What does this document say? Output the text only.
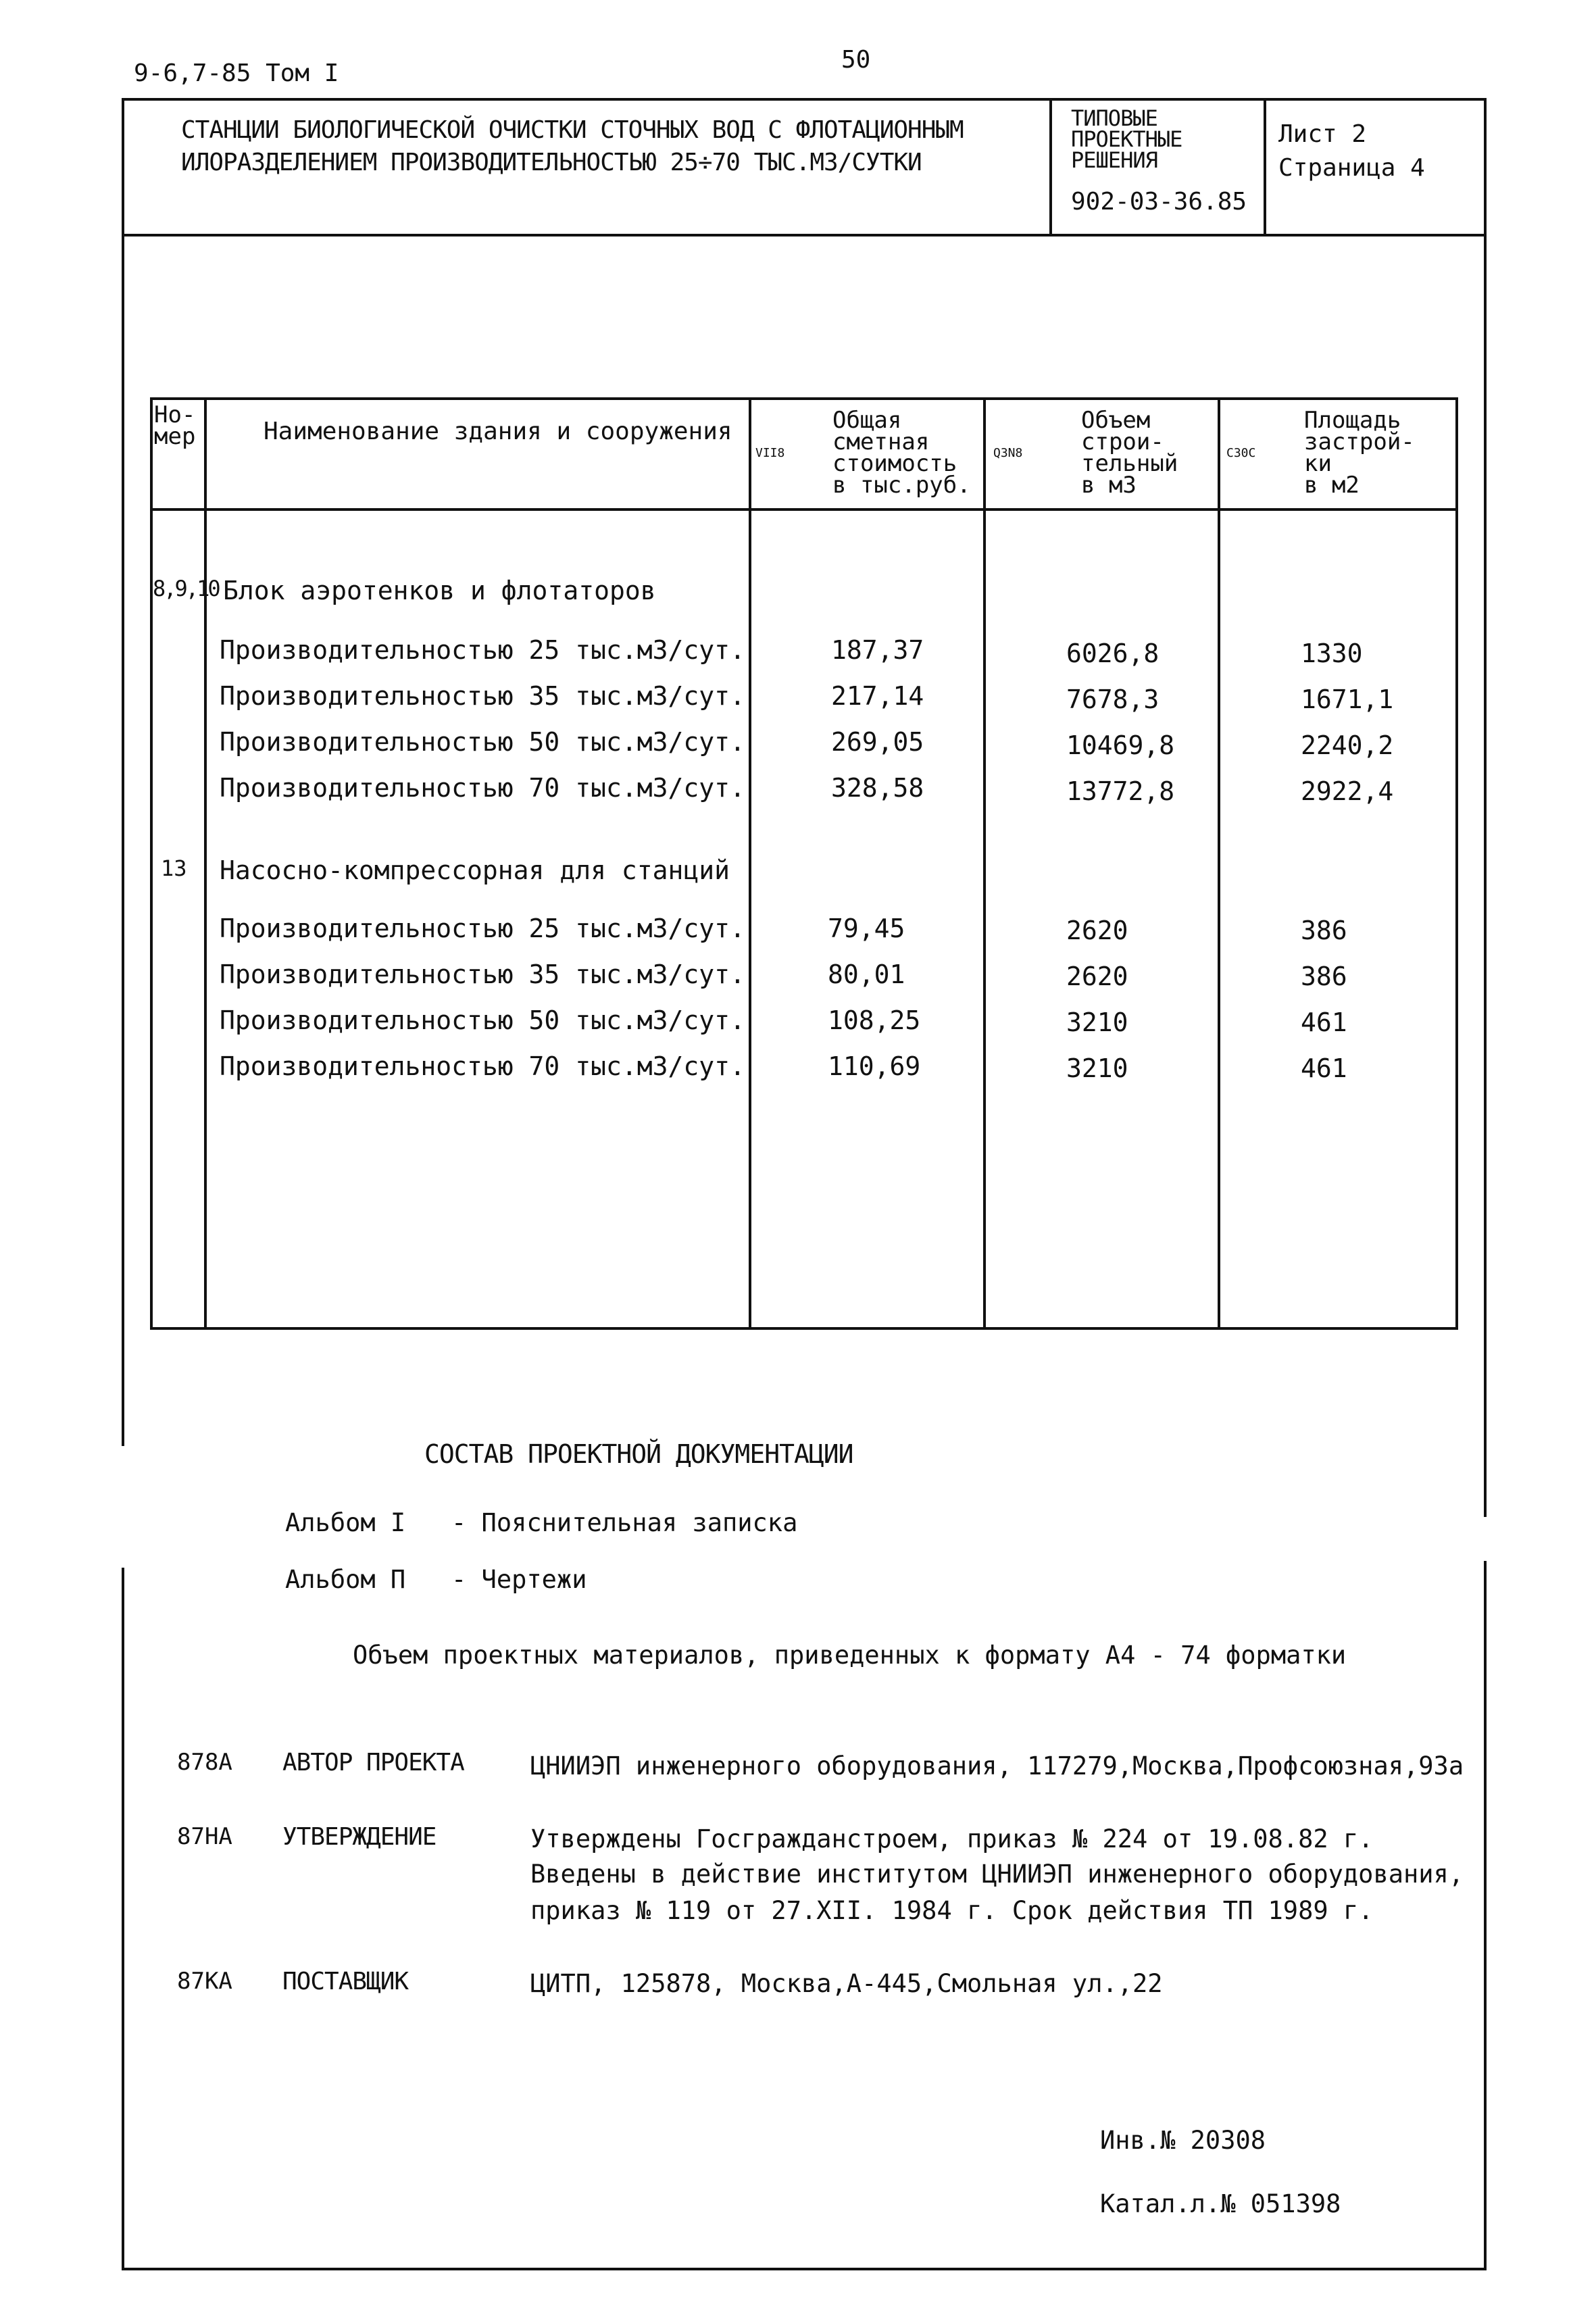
9-6,7-85 Том I	50
СТАНЦИИ БИОЛОГИЧЕСКОЙ ОЧИСТКИ СТОЧНЫХ ВОД С ФЛОТАЦИОННЫМ
ИЛОРАЗДЕЛЕНИЕМ ПРОИЗВОДИТЕЛЬНОСТЬЮ 25÷70 ТЫС.М3/СУТКИ
ТИПОВЫЕ
ПРОЕКТНЫЕ
РЕШЕНИЯ
902-03-36.85
Лист 2
Страница 4
Но-
мер	Наименование здания и сооружения
VII8
Общая
сметная
стоимость
в тыс.руб.
Q3N8
Объем
строи-
тельный
в м3
C30C
Площадь
застрой-
ки
в м2
8,9,10 Блок аэротенков и флотаторов
Производительностью 25 тыс.м3/сут.	187,37	6026,8	1330
Производительностью 35 тыс.м3/сут.	217,14	7678,3	1671,1
Производительностью 50 тыс.м3/сут.	269,05	10469,8	2240,2
Производительностью 70 тыс.м3/сут.	328,58	13772,8	2922,4
13 Насосно-компрессорная для станций
Производительностью 25 тыс.м3/сут.	79,45	2620	386
Производительностью 35 тыс.м3/сут.	80,01	2620	386
Производительностью 50 тыс.м3/сут.	108,25	3210	461
Производительностью 70 тыс.м3/сут.	110,69	3210	461
СОСТАВ ПРОЕКТНОЙ ДОКУМЕНТАЦИИ
Альбом I - Пояснительная записка
Альбом П - Чертежи
Объем проектных материалов, приведенных к формату А4 - 74 форматки
878А АВТОР ПРОЕКТА	ЦНИИЭП инженерного оборудования, 117279,Москва,Профсоюзная,93а
87НА УТВЕРЖДЕНИЕ	Утверждены Госгражданстроем, приказ № 224 от 19.08.82 г.
Введены в действие институтом ЦНИИЭП инженерного оборудования,
приказ № 119 от 27.XII. 1984 г. Срок действия ТП 1989 г.
87КА ПОСТАВЩИК	ЦИТП, 125878, Москва,А-445,Смольная ул.,22
Инв.№ 20308
Катал.л.№ 051398
